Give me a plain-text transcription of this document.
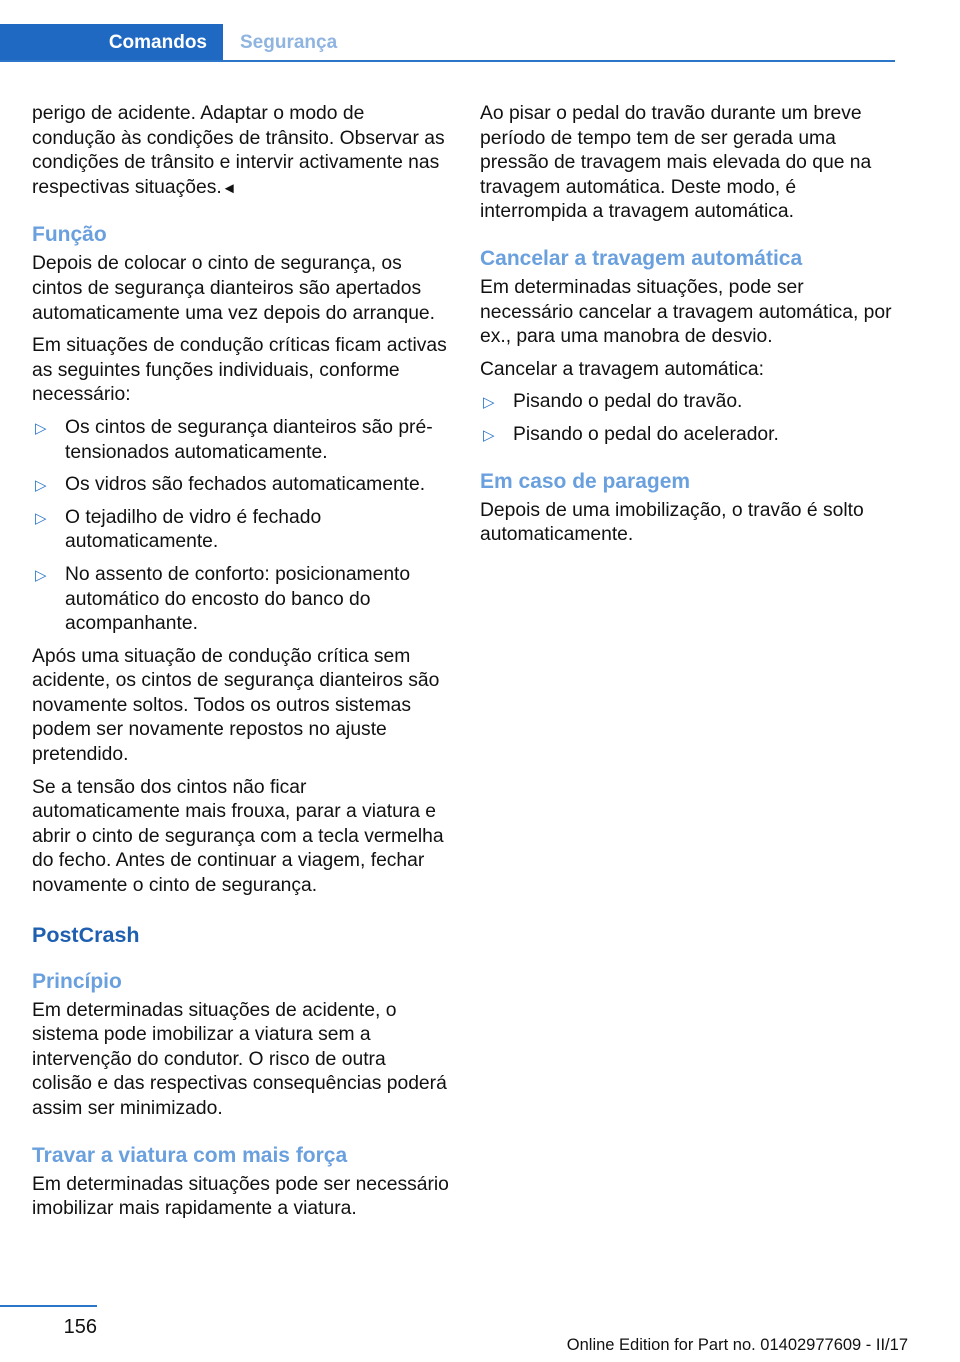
Comandos	Segurança

perigo de acidente. Adaptar o modo de condução às condições de trânsito. Observar as condições de trânsito e intervir activamente nas respectivas situações.◄

Função

Depois de colocar o cinto de segurança, os cintos de segurança dianteiros são apertados automaticamente uma vez depois do arranque.

Em situações de condução críticas ficam activas as seguintes funções individuais, conforme necessário:

▷ Os cintos de segurança dianteiros são pré-tensionados automaticamente.
▷ Os vidros são fechados automaticamente.
▷ O tejadilho de vidro é fechado automaticamente.
▷ No assento de conforto: posicionamento automático do encosto do banco do acompanhante.

Após uma situação de condução crítica sem acidente, os cintos de segurança dianteiros são novamente soltos. Todos os outros sistemas podem ser novamente repostos no ajuste pretendido.

Se a tensão dos cintos não ficar automaticamente mais frouxa, parar a viatura e abrir o cinto de segurança com a tecla vermelha do fecho. Antes de continuar a viagem, fechar novamente o cinto de segurança.

PostCrash
Princípio

Em determinadas situações de acidente, o sistema pode imobilizar a viatura sem a intervenção do condutor. O risco de outra colisão e das respectivas consequências poderá assim ser minimizado.

Travar a viatura com mais força

Em determinadas situações pode ser necessário imobilizar mais rapidamente a viatura.

Ao pisar o pedal do travão durante um breve período de tempo tem de ser gerada uma pressão de travagem mais elevada do que na travagem automática. Deste modo, é interrompida a travagem automática.

Cancelar a travagem automática

Em determinadas situações, pode ser necessário cancelar a travagem automática, por ex., para uma manobra de desvio.

Cancelar a travagem automática:

▷ Pisando o pedal do travão.
▷ Pisando o pedal do acelerador.
Em caso de paragem

Depois de uma imobilização, o travão é solto automaticamente.

156
Online Edition for Part no. 01402977609 - II/17
